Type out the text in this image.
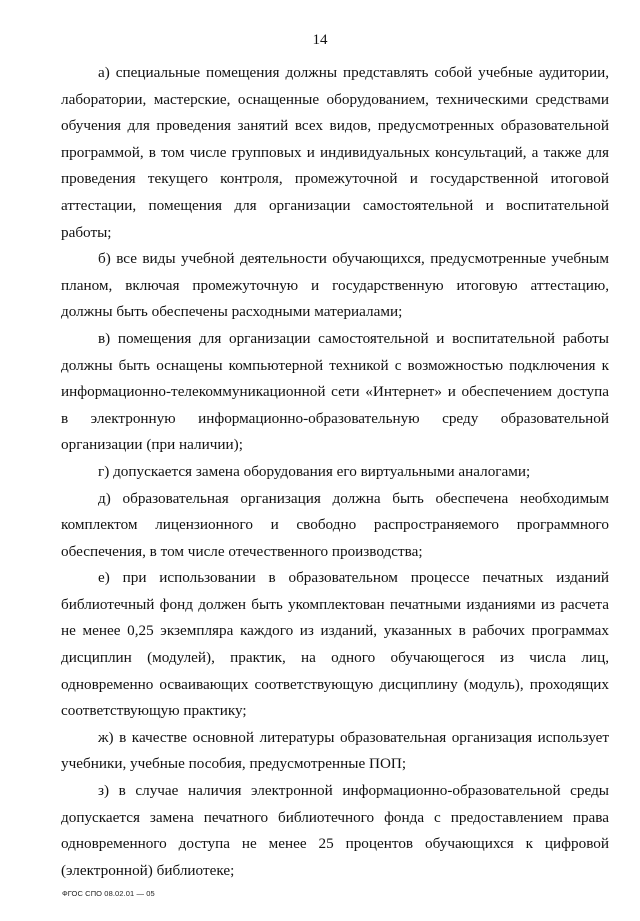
14

а) специальные помещения должны представлять собой учебные аудитории, лаборатории, мастерские, оснащенные оборудованием, техническими средствами обучения для проведения занятий всех видов, предусмотренных образовательной программой, в том числе групповых и индивидуальных консультаций, а также для проведения текущего контроля, промежуточной и государственной итоговой аттестации, помещения для организации самостоятельной и воспитательной работы;

б) все виды учебной деятельности обучающихся, предусмотренные учебным планом, включая промежуточную и государственную итоговую аттестацию, должны быть обеспечены расходными материалами;

в) помещения для организации самостоятельной и воспитательной работы должны быть оснащены компьютерной техникой с возможностью подключения к информационно-телекоммуникационной сети «Интернет» и обеспечением доступа в электронную информационно-образовательную среду образовательной организации (при наличии);

г) допускается замена оборудования его виртуальными аналогами;

д) образовательная организация должна быть обеспечена необходимым комплектом лицензионного и свободно распространяемого программного обеспечения, в том числе отечественного производства;

е) при использовании в образовательном процессе печатных изданий библиотечный фонд должен быть укомплектован печатными изданиями из расчета не менее 0,25 экземпляра каждого из изданий, указанных в рабочих программах дисциплин (модулей), практик, на одного обучающегося из числа лиц, одновременно осваивающих соответствующую дисциплину (модуль), проходящих соответствующую практику;

ж) в качестве основной литературы образовательная организация использует учебники, учебные пособия, предусмотренные ПОП;

з) в случае наличия электронной информационно-образовательной среды допускается замена печатного библиотечного фонда с предоставлением права одновременного доступа не менее 25 процентов обучающихся к цифровой (электронной) библиотеке;

ФГОС СПО 08.02.01 — 05
